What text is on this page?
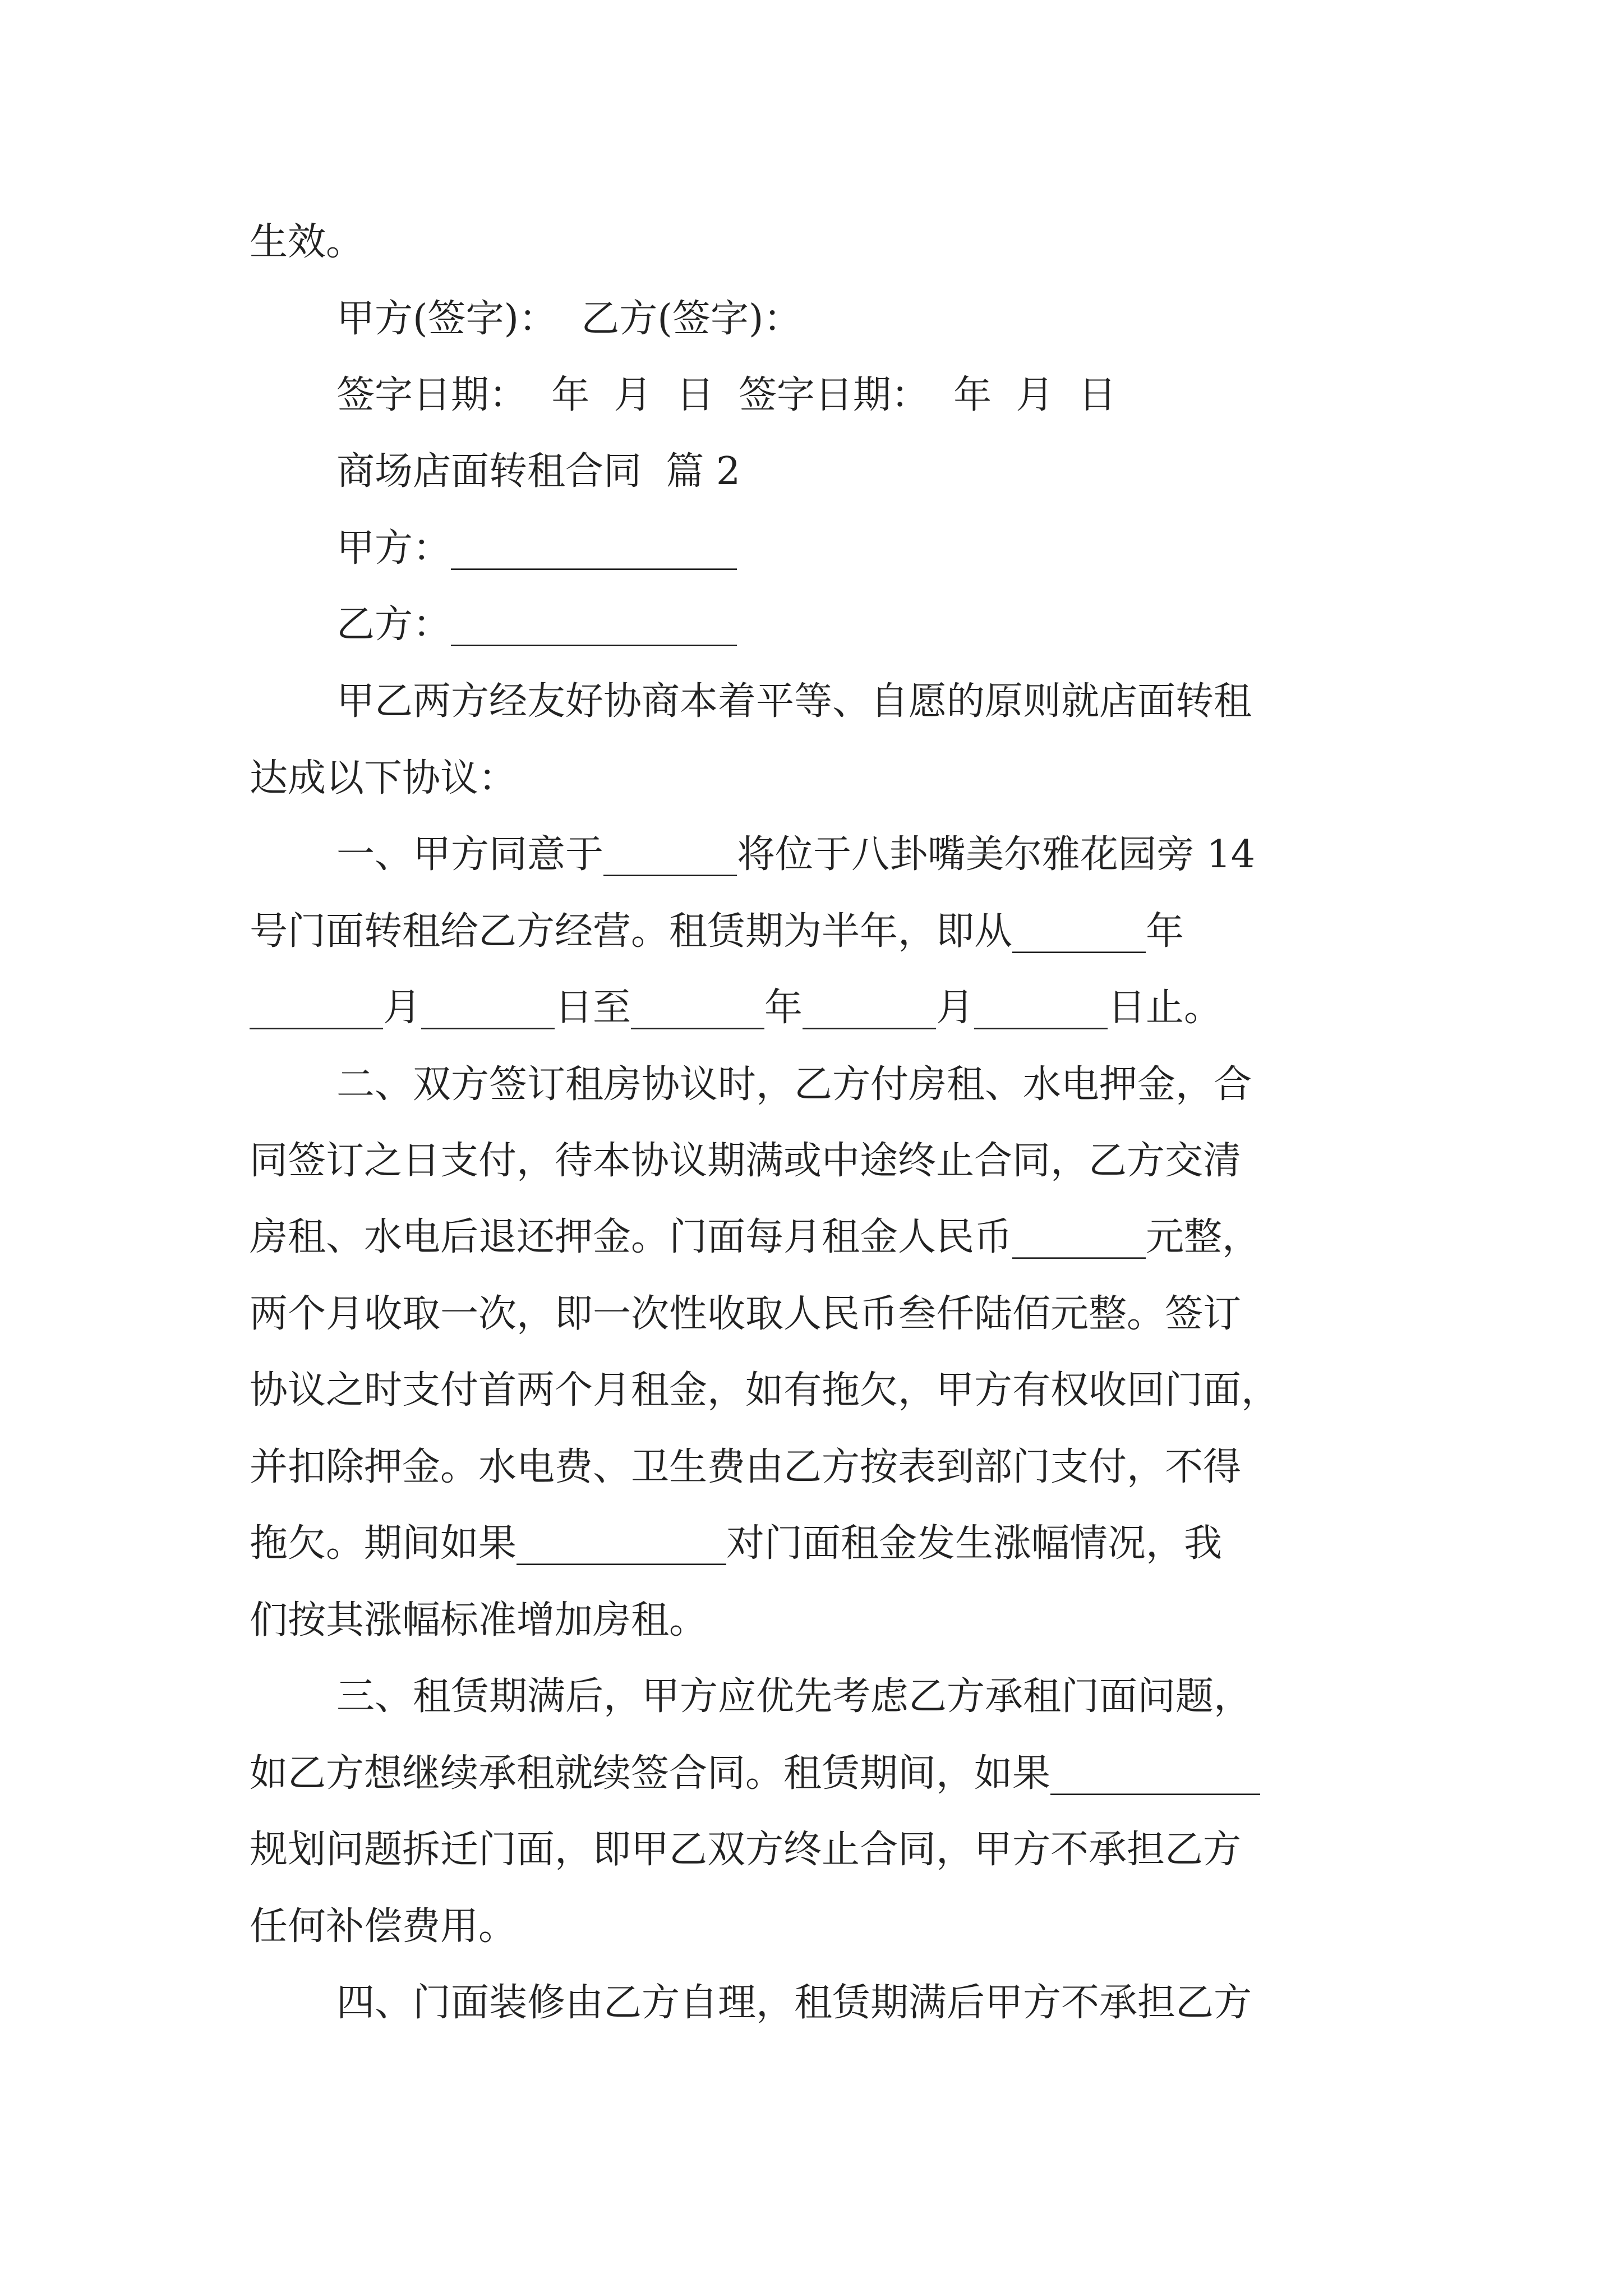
生效。
甲方(签字)：  乙方(签字)：
签字日期：  年  月  日  签字日期：  年  月  日
商场店面转租合同  篇 2
甲方：_______________
乙方：_______________
甲乙两方经友好协商本着平等、自愿的原则就店面转租
达成以下协议：
一、甲方同意于_______将位于八卦嘴美尔雅花园旁 14
号门面转租给乙方经营。租赁期为半年，即从_______年
_______月_______日至_______年_______月_______日止。
二、双方签订租房协议时，乙方付房租、水电押金，合
同签订之日支付，待本协议期满或中途终止合同，乙方交清
房租、水电后退还押金。门面每月租金人民币_______元整，
两个月收取一次，即一次性收取人民币叁仟陆佰元整。签订
协议之时支付首两个月租金，如有拖欠，甲方有权收回门面，
并扣除押金。水电费、卫生费由乙方按表到部门支付，不得
拖欠。期间如果___________对门面租金发生涨幅情况，我
们按其涨幅标准增加房租。
三、租赁期满后，甲方应优先考虑乙方承租门面问题，
如乙方想继续承租就续签合同。租赁期间，如果___________
规划问题拆迁门面，即甲乙双方终止合同，甲方不承担乙方
任何补偿费用。
四、门面装修由乙方自理，租赁期满后甲方不承担乙方
